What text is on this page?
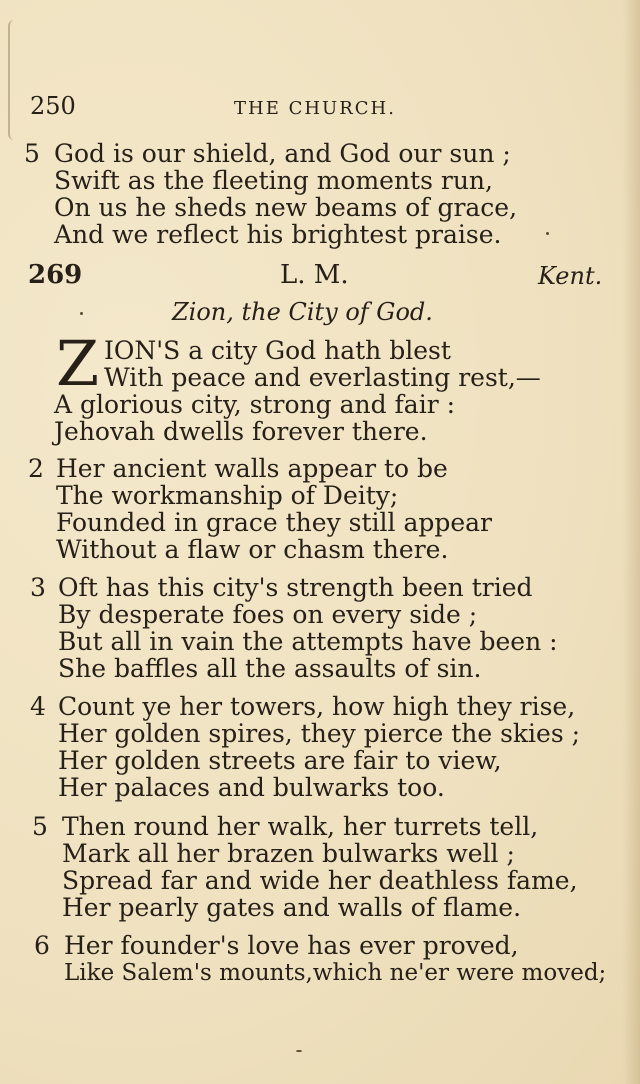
250	THE CHURCH.
5 God is our shield, and God our sun ;
Swift as the fleeting moments run,
On us he sheds new beams of grace,
And we reflect his brightest praise.
269	L. M.	Kent.
Zion, the City of God.
Z ION'S a city God hath blest
With peace and everlasting rest,—
A glorious city, strong and fair :
Jehovah dwells forever there.
2 Her ancient walls appear to be
The workmanship of Deity;
Founded in grace they still appear
Without a flaw or chasm there.
3 Oft has this city's strength been tried
By desperate foes on every side ;
But all in vain the attempts have been :
She baffles all the assaults of sin.
4 Count ye her towers, how high they rise,
Her golden spires, they pierce the skies ;
Her golden streets are fair to view,
Her palaces and bulwarks too.
5 Then round her walk, her turrets tell,
Mark all her brazen bulwarks well ;
Spread far and wide her deathless fame,
Her pearly gates and walls of flame.
6 Her founder's love has ever proved,
Like Salem's mounts,which ne'er were moved;
